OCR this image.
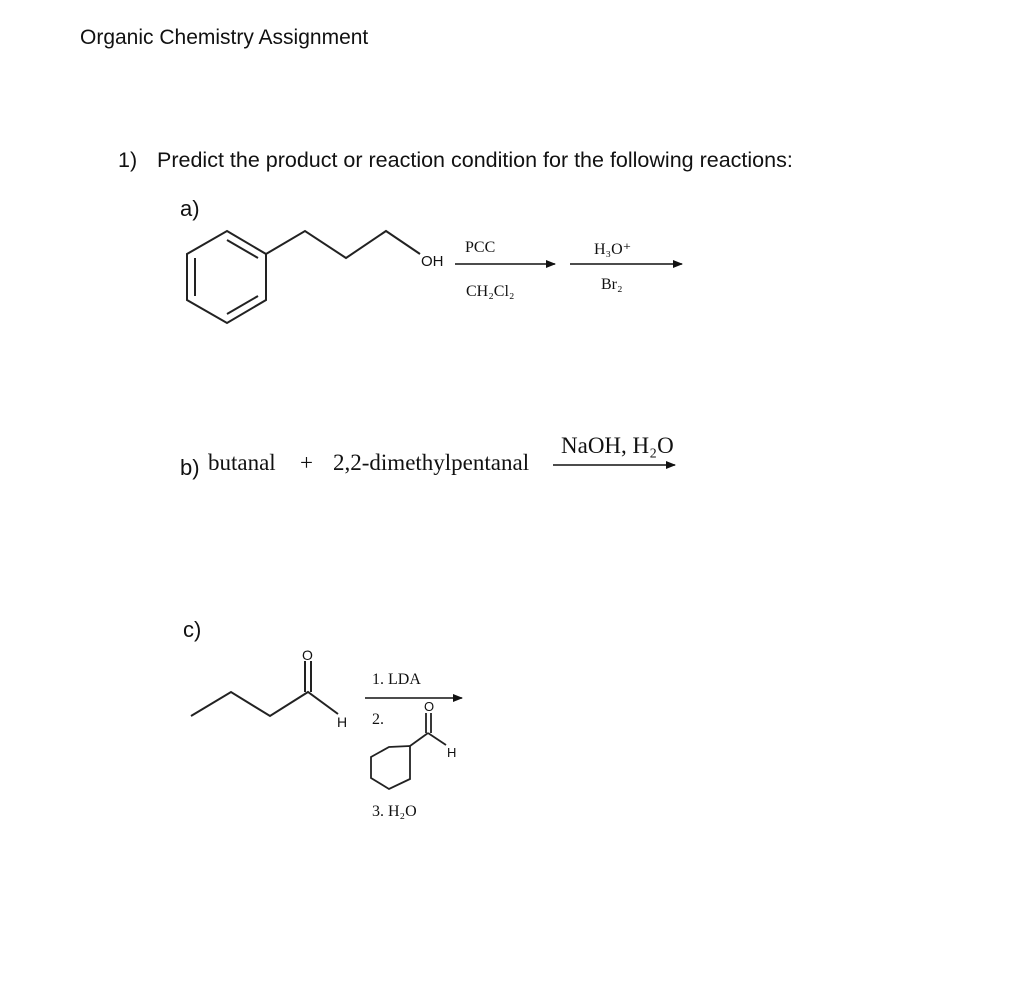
Organic Chemistry Assignment
1) Predict the product or reaction condition for the following reactions:
a)
b)
c)
butanal + 2,2-dimethylpentanal
NaOH, H₂O
OH
PCC
CH₂Cl₂
H₃O⁺
Br₂
O
H
1. LDA
2.
O
H
3. H₂O
